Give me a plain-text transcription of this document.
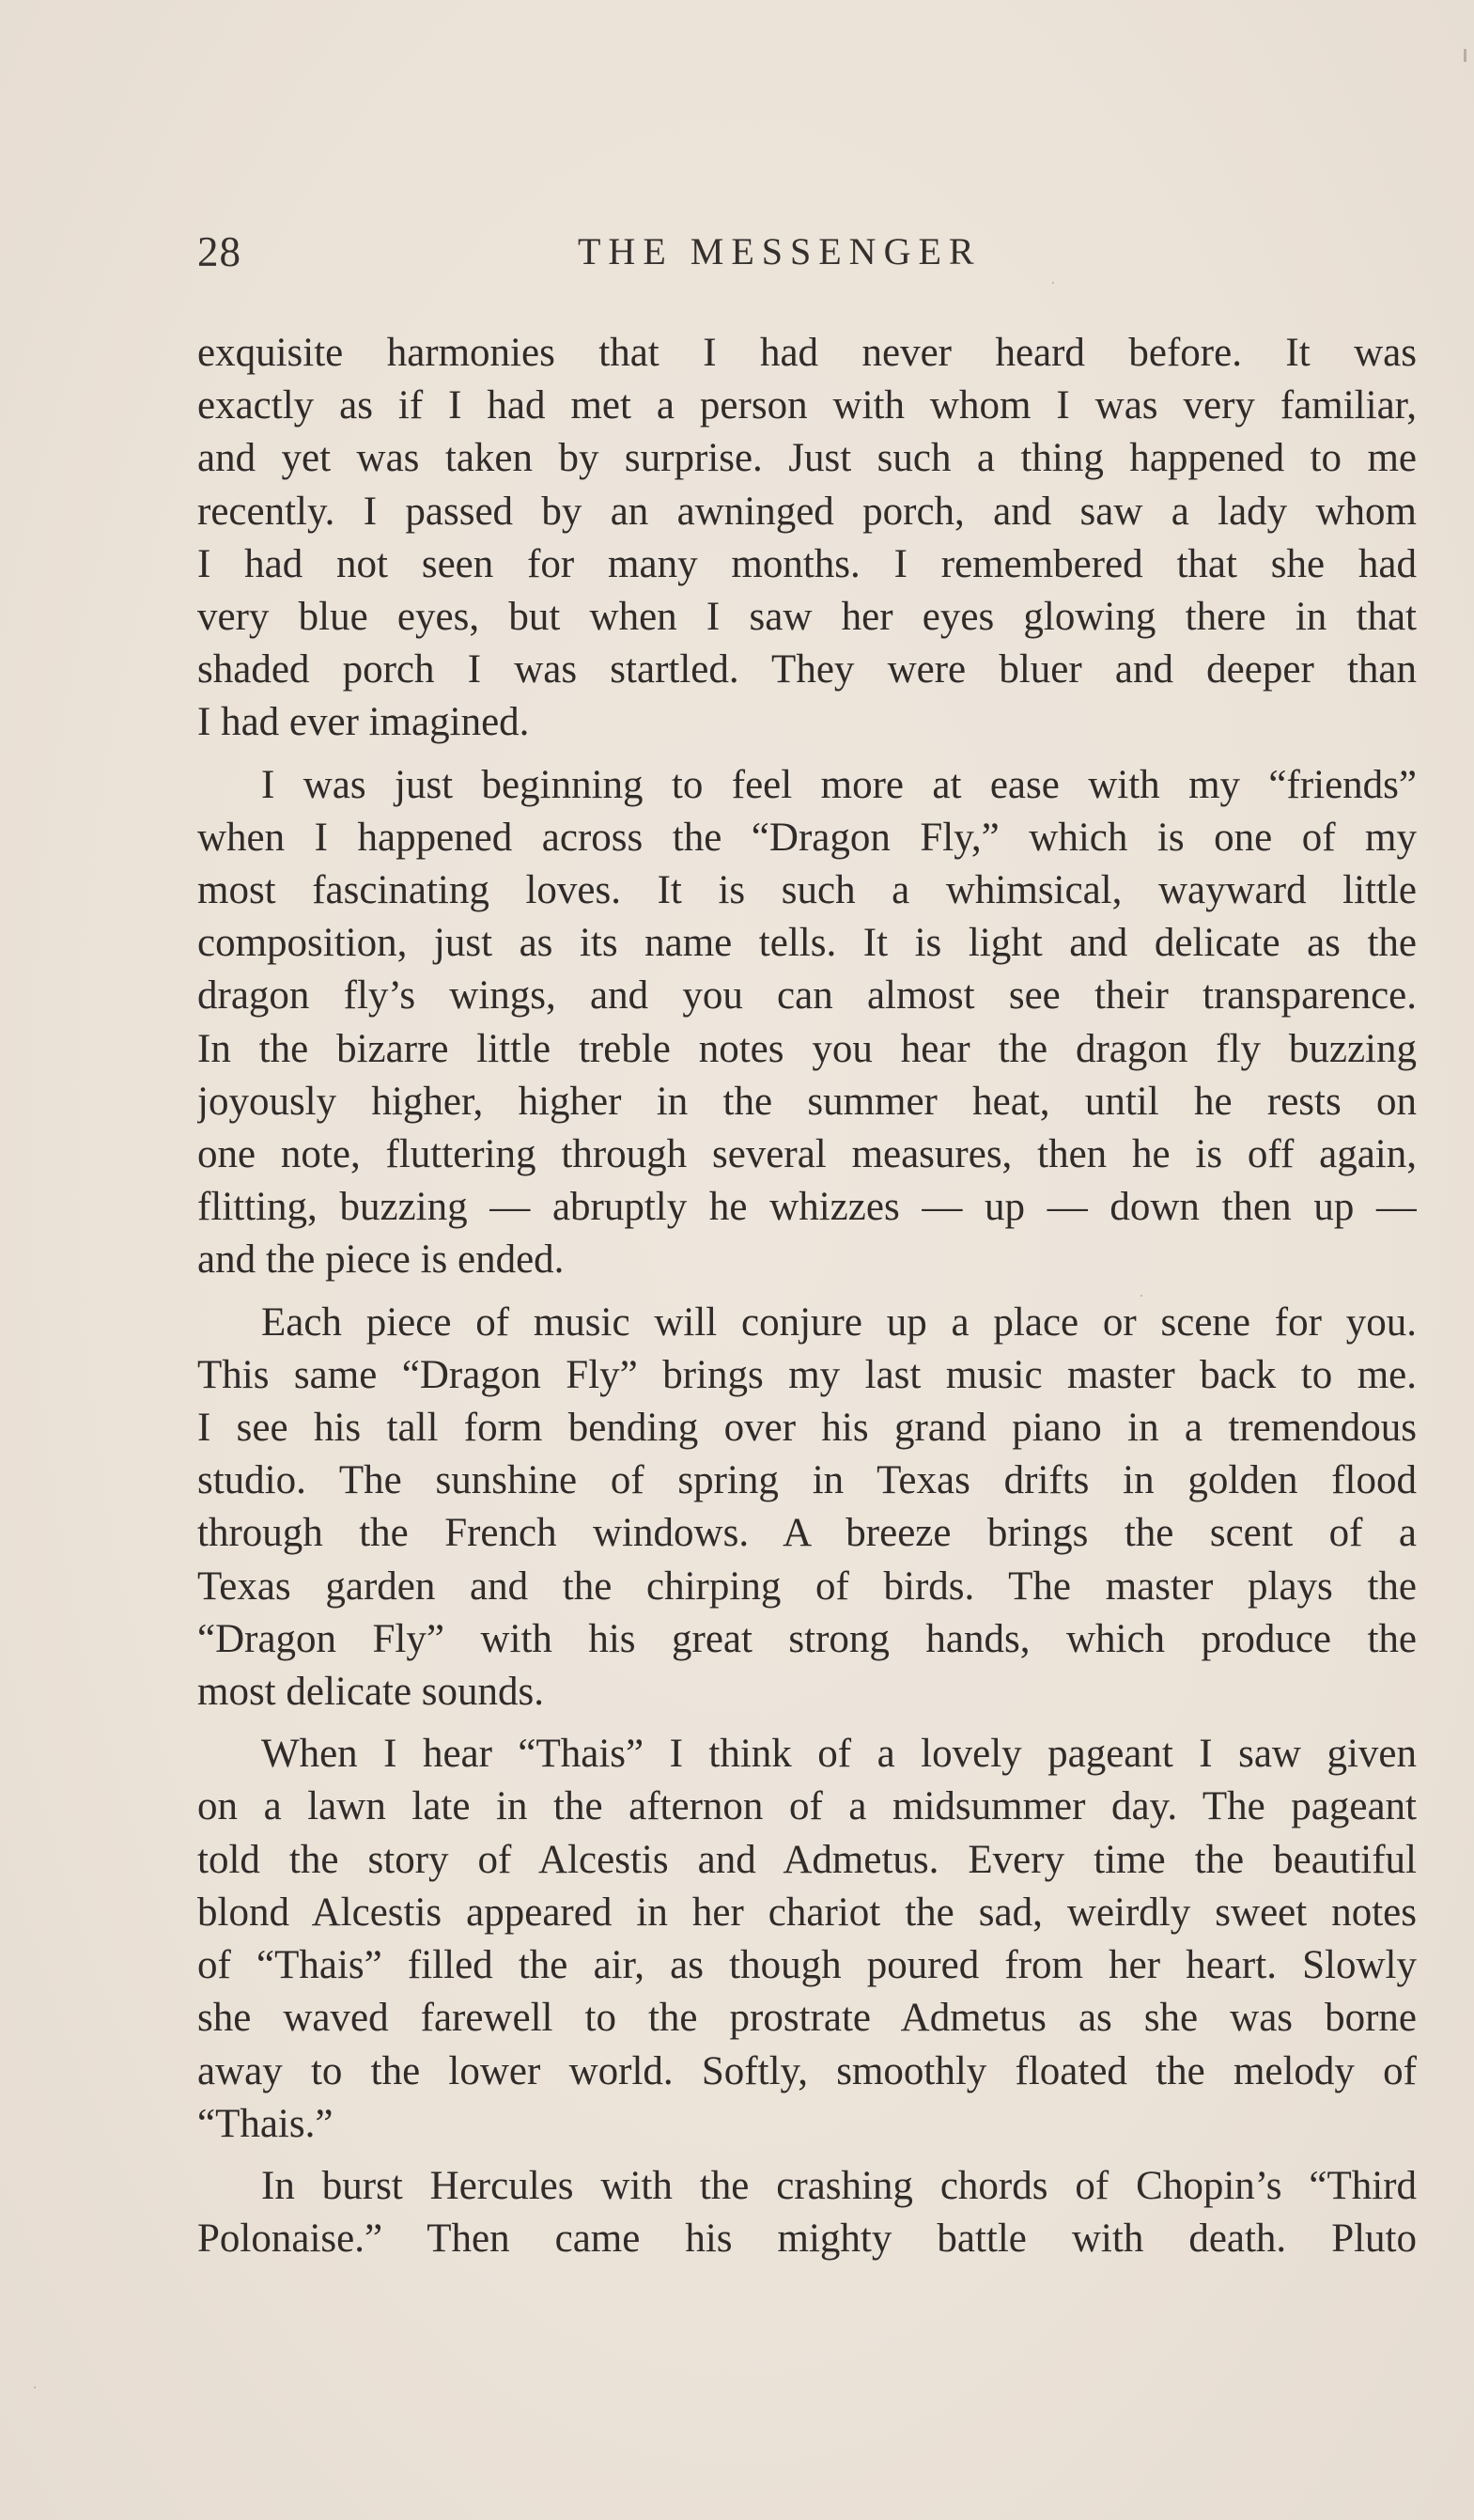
28	THE MESSENGER
exquisite harmonies that I had never heard before. It was
exactly as if I had met a person with whom I was very familiar,
and yet was taken by surprise. Just such a thing happened to me
recently. I passed by an awninged porch, and saw a lady whom
I had not seen for many months. I remembered that she had
very blue eyes, but when I saw her eyes glowing there in that
shaded porch I was startled. They were bluer and deeper than
I had ever imagined.
I was just beginning to feel more at ease with my “friends”
when I happened across the “Dragon Fly,” which is one of my
most fascinating loves. It is such a whimsical, wayward little
composition, just as its name tells. It is light and delicate as the
dragon fly’s wings, and you can almost see their transparence.
In the bizarre little treble notes you hear the dragon fly buzzing
joyously higher, higher in the summer heat, until he rests on
one note, fluttering through several measures, then he is off again,
flitting, buzzing — abruptly he whizzes — up — down then up —
and the piece is ended.
Each piece of music will conjure up a place or scene for you.
This same “Dragon Fly” brings my last music master back to me.
I see his tall form bending over his grand piano in a tremendous
studio. The sunshine of spring in Texas drifts in golden flood
through the French windows. A breeze brings the scent of a
Texas garden and the chirping of birds. The master plays the
“Dragon Fly” with his great strong hands, which produce the
most delicate sounds.
When I hear “Thais” I think of a lovely pageant I saw given
on a lawn late in the afternon of a midsummer day. The pageant
told the story of Alcestis and Admetus. Every time the beautiful
blond Alcestis appeared in her chariot the sad, weirdly sweet notes
of “Thais” filled the air, as though poured from her heart. Slowly
she waved farewell to the prostrate Admetus as she was borne
away to the lower world. Softly, smoothly floated the melody of
“Thais.”
In burst Hercules with the crashing chords of Chopin’s “Third
Polonaise.” Then came his mighty battle with death. Pluto
